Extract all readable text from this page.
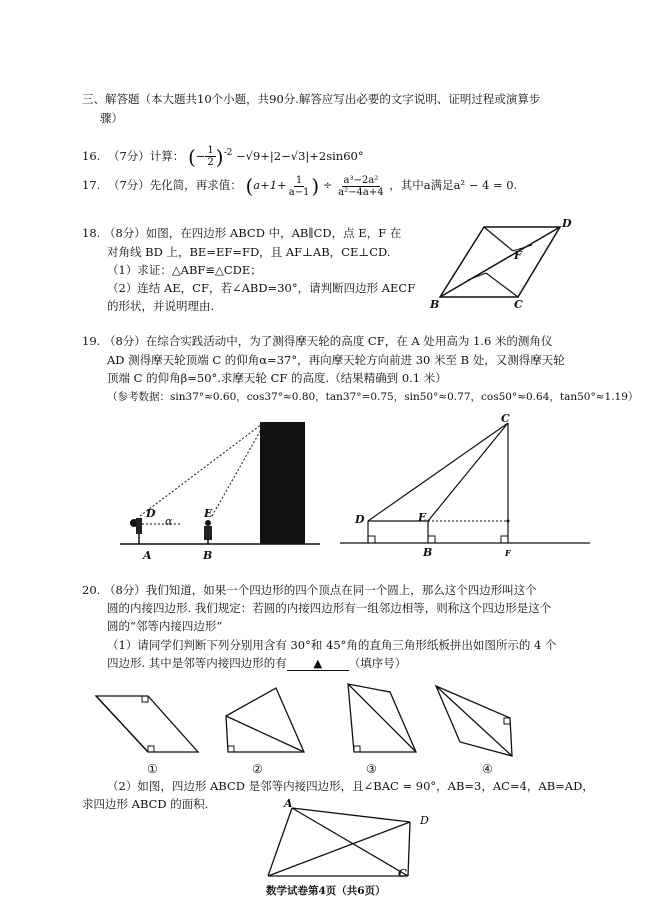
三、解答题（本大题共10个小题，共90分.解答应写出必要的文字说明、证明过程或演算步
骤）
16. （7分）计算： (− $\frac{1}{2} )^{-2} -√9+|2-√3|+2\sin 60^\circ$
17. （7分）先化简，再求值： ($a+1+ \frac{1}{a-1}$ ) ÷ $\frac{\text{a³−2a²}}{\text{a²−4a+4}}$ ，其中a满足a² − 4 = 0.
18. （8分）如图，在四边形 ABCD 中，AB∥CD，点 E，F 在
对角线 BD 上，BE=EF=FD，且 AF⊥AB，CE⊥CD.
（1）求证：△ABF≌△CDE；
（2）连结 AE，CF，若∠ABD=30°，请判断四边形 AECF
的形状，并说明理由.
D
B	C
F
19. （8分）在综合实践活动中，为了测得摩天轮的高度 CF，在 A 处用高为 1.6 米的测角仪
AD 测得摩天轮顶端 C 的仰角α=37°，再向摩天轮方向前进 30 米至 B 处，又测得摩天轮
顶端 C 的仰角β=50°.求摩天轮 CF 的高度.（结果精确到 0.1 米）
（参考数据：sin37°≈0.60，cos37°≈0.80，tan37°=0.75，sin50°≈0.77，cos50°≈0.64，tan50°≈1.19）
D
α
E
A	B
C
D	E
B	F
20. （8分）我们知道，如果一个四边形的四个顶点在同一个圆上，那么这个四边形叫这个
圆的内接四边形. 我们规定：若圆的内接四边形有一组邻边相等，则称这个四边形是这个
圆的“邻等内接四边形”
（1）请同学们判断下列分别用含有 30°和 45°角的直角三角形纸板拼出如图所示的 4 个
四边形. 其中是邻等内接四边形的有 ▲ （填序号）
①	②	③	④
（2）如图，四边形 ABCD 是邻等内接四边形，且∠BAC = 90°，AB=3，AC=4，AB=AD，
求四边形 ABCD 的面积.	A
D
C
数学试卷第4页（共6页）
